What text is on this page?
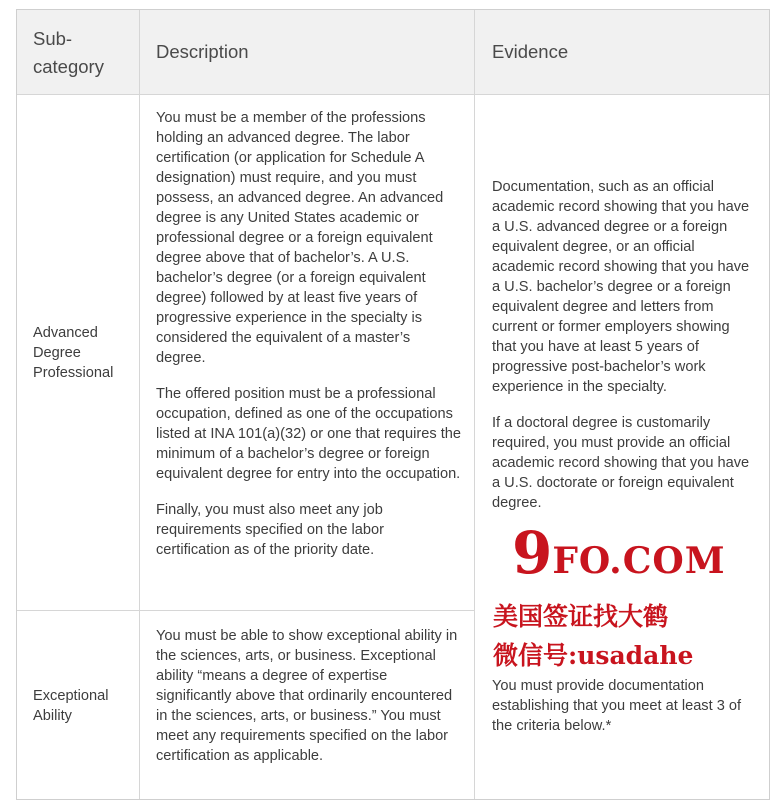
Sub-
category
Description	Evidence
Advanced
Degree
Professional

You must be a member of the professions holding an advanced degree. The labor certification (or application for Schedule A designation) must require, and you must possess, an advanced degree. An advanced degree is any United States academic or professional degree or a foreign equivalent degree above that of bachelor’s. A U.S. bachelor’s degree (or a foreign equivalent degree) followed by at least five years of progressive experience in the specialty is considered the equivalent of a master’s degree.

The offered position must be a professional occupation, defined as one of the occupations listed at INA 101(a)(32) or one that requires the minimum of a bachelor’s degree or foreign equivalent degree for entry into the occupation.

Finally, you must also meet any job requirements specified on the labor certification as of the priority date.

Documentation, such as an official academic record showing that you have a U.S. advanced degree or a foreign equivalent degree, or an official academic record showing that you have a U.S. bachelor’s degree or a foreign equivalent degree and letters from current or former employers showing that you have at least 5 years of progressive post-bachelor’s work experience in the specialty.

If a doctoral degree is customarily required, you must provide an official academic record showing that you have a U.S. doctorate or foreign equivalent degree.

Exceptional
Ability

You must be able to show exceptional ability in the sciences, arts, or business. Exceptional ability “means a degree of expertise significantly above that ordinarily encountered in the sciences, arts, or business.” You must meet any requirements specified on the labor certification as applicable.

You must provide documentation establishing that you meet at least 3 of the criteria below.*

9FO.COM
美国签证找大鹤
微信号:usadahe
